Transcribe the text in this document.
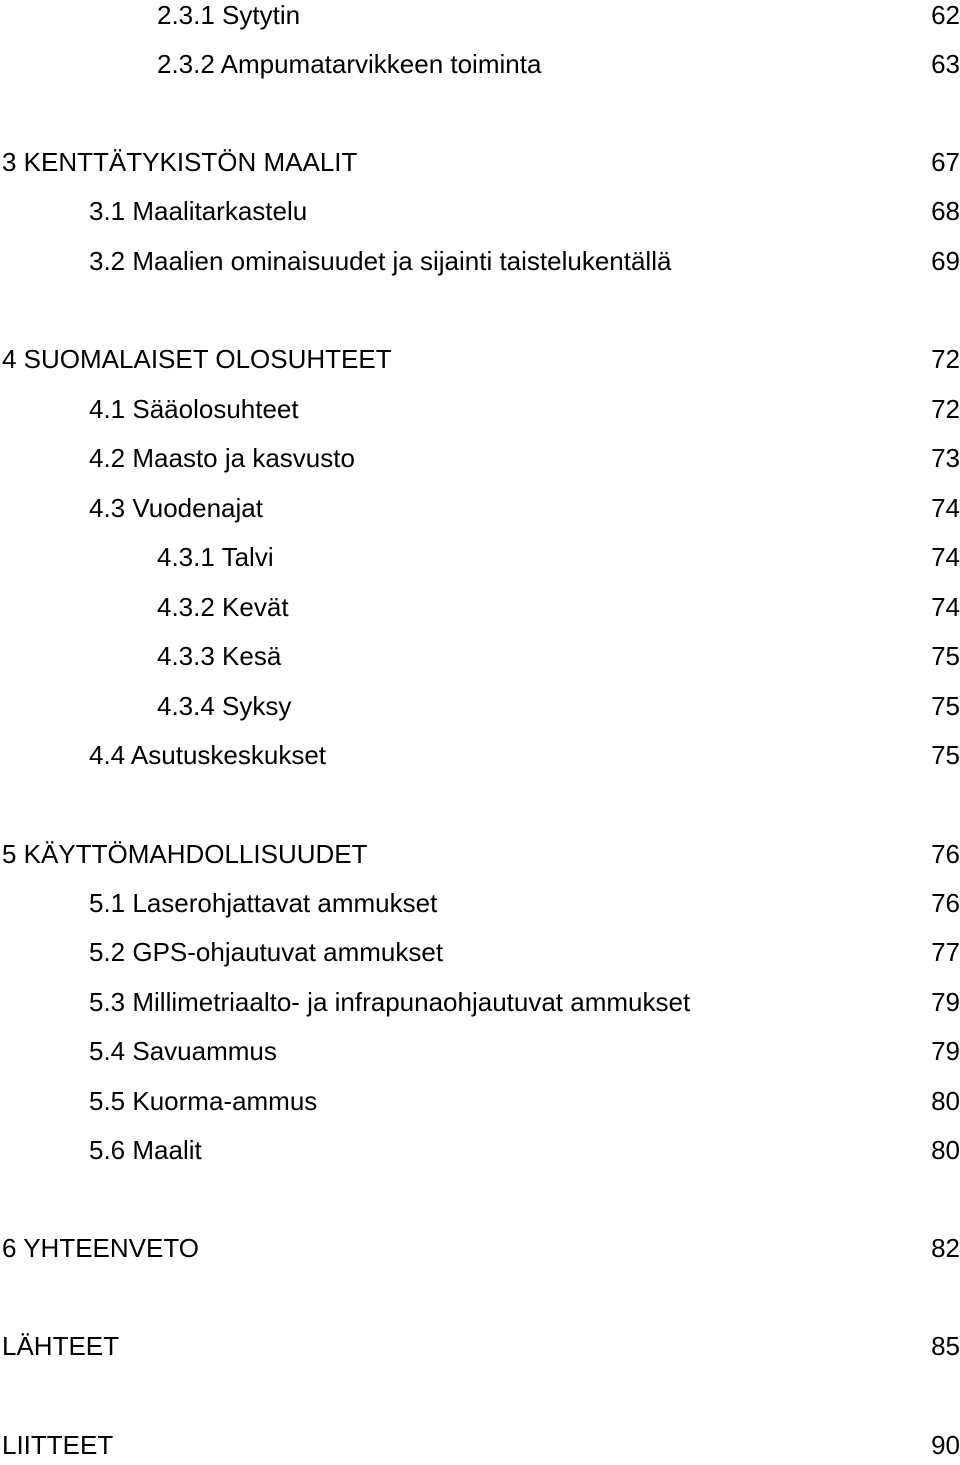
2.3.1 Sytytin	62
2.3.2 Ampumatarvikkeen toiminta	63
3 KENTTÄTYKISTÖN MAALIT	67
3.1 Maalitarkastelu	68
3.2 Maalien ominaisuudet ja sijainti taistelukentällä	69
4 SUOMALAISET OLOSUHTEET	72
4.1 Sääolosuhteet	72
4.2 Maasto ja kasvusto	73
4.3 Vuodenajat	74
4.3.1 Talvi	74
4.3.2 Kevät	74
4.3.3 Kesä	75
4.3.4 Syksy	75
4.4 Asutuskeskukset	75
5 KÄYTTÖMAHDOLLISUUDET	76
5.1 Laserohjattavat ammukset	76
5.2 GPS-ohjautuvat ammukset	77
5.3 Millimetriaalto- ja infrapunaohjautuvat ammukset	79
5.4 Savuammus	79
5.5 Kuorma-ammus	80
5.6 Maalit	80
6 YHTEENVETO	82
LÄHTEET	85
LIITTEET	90
